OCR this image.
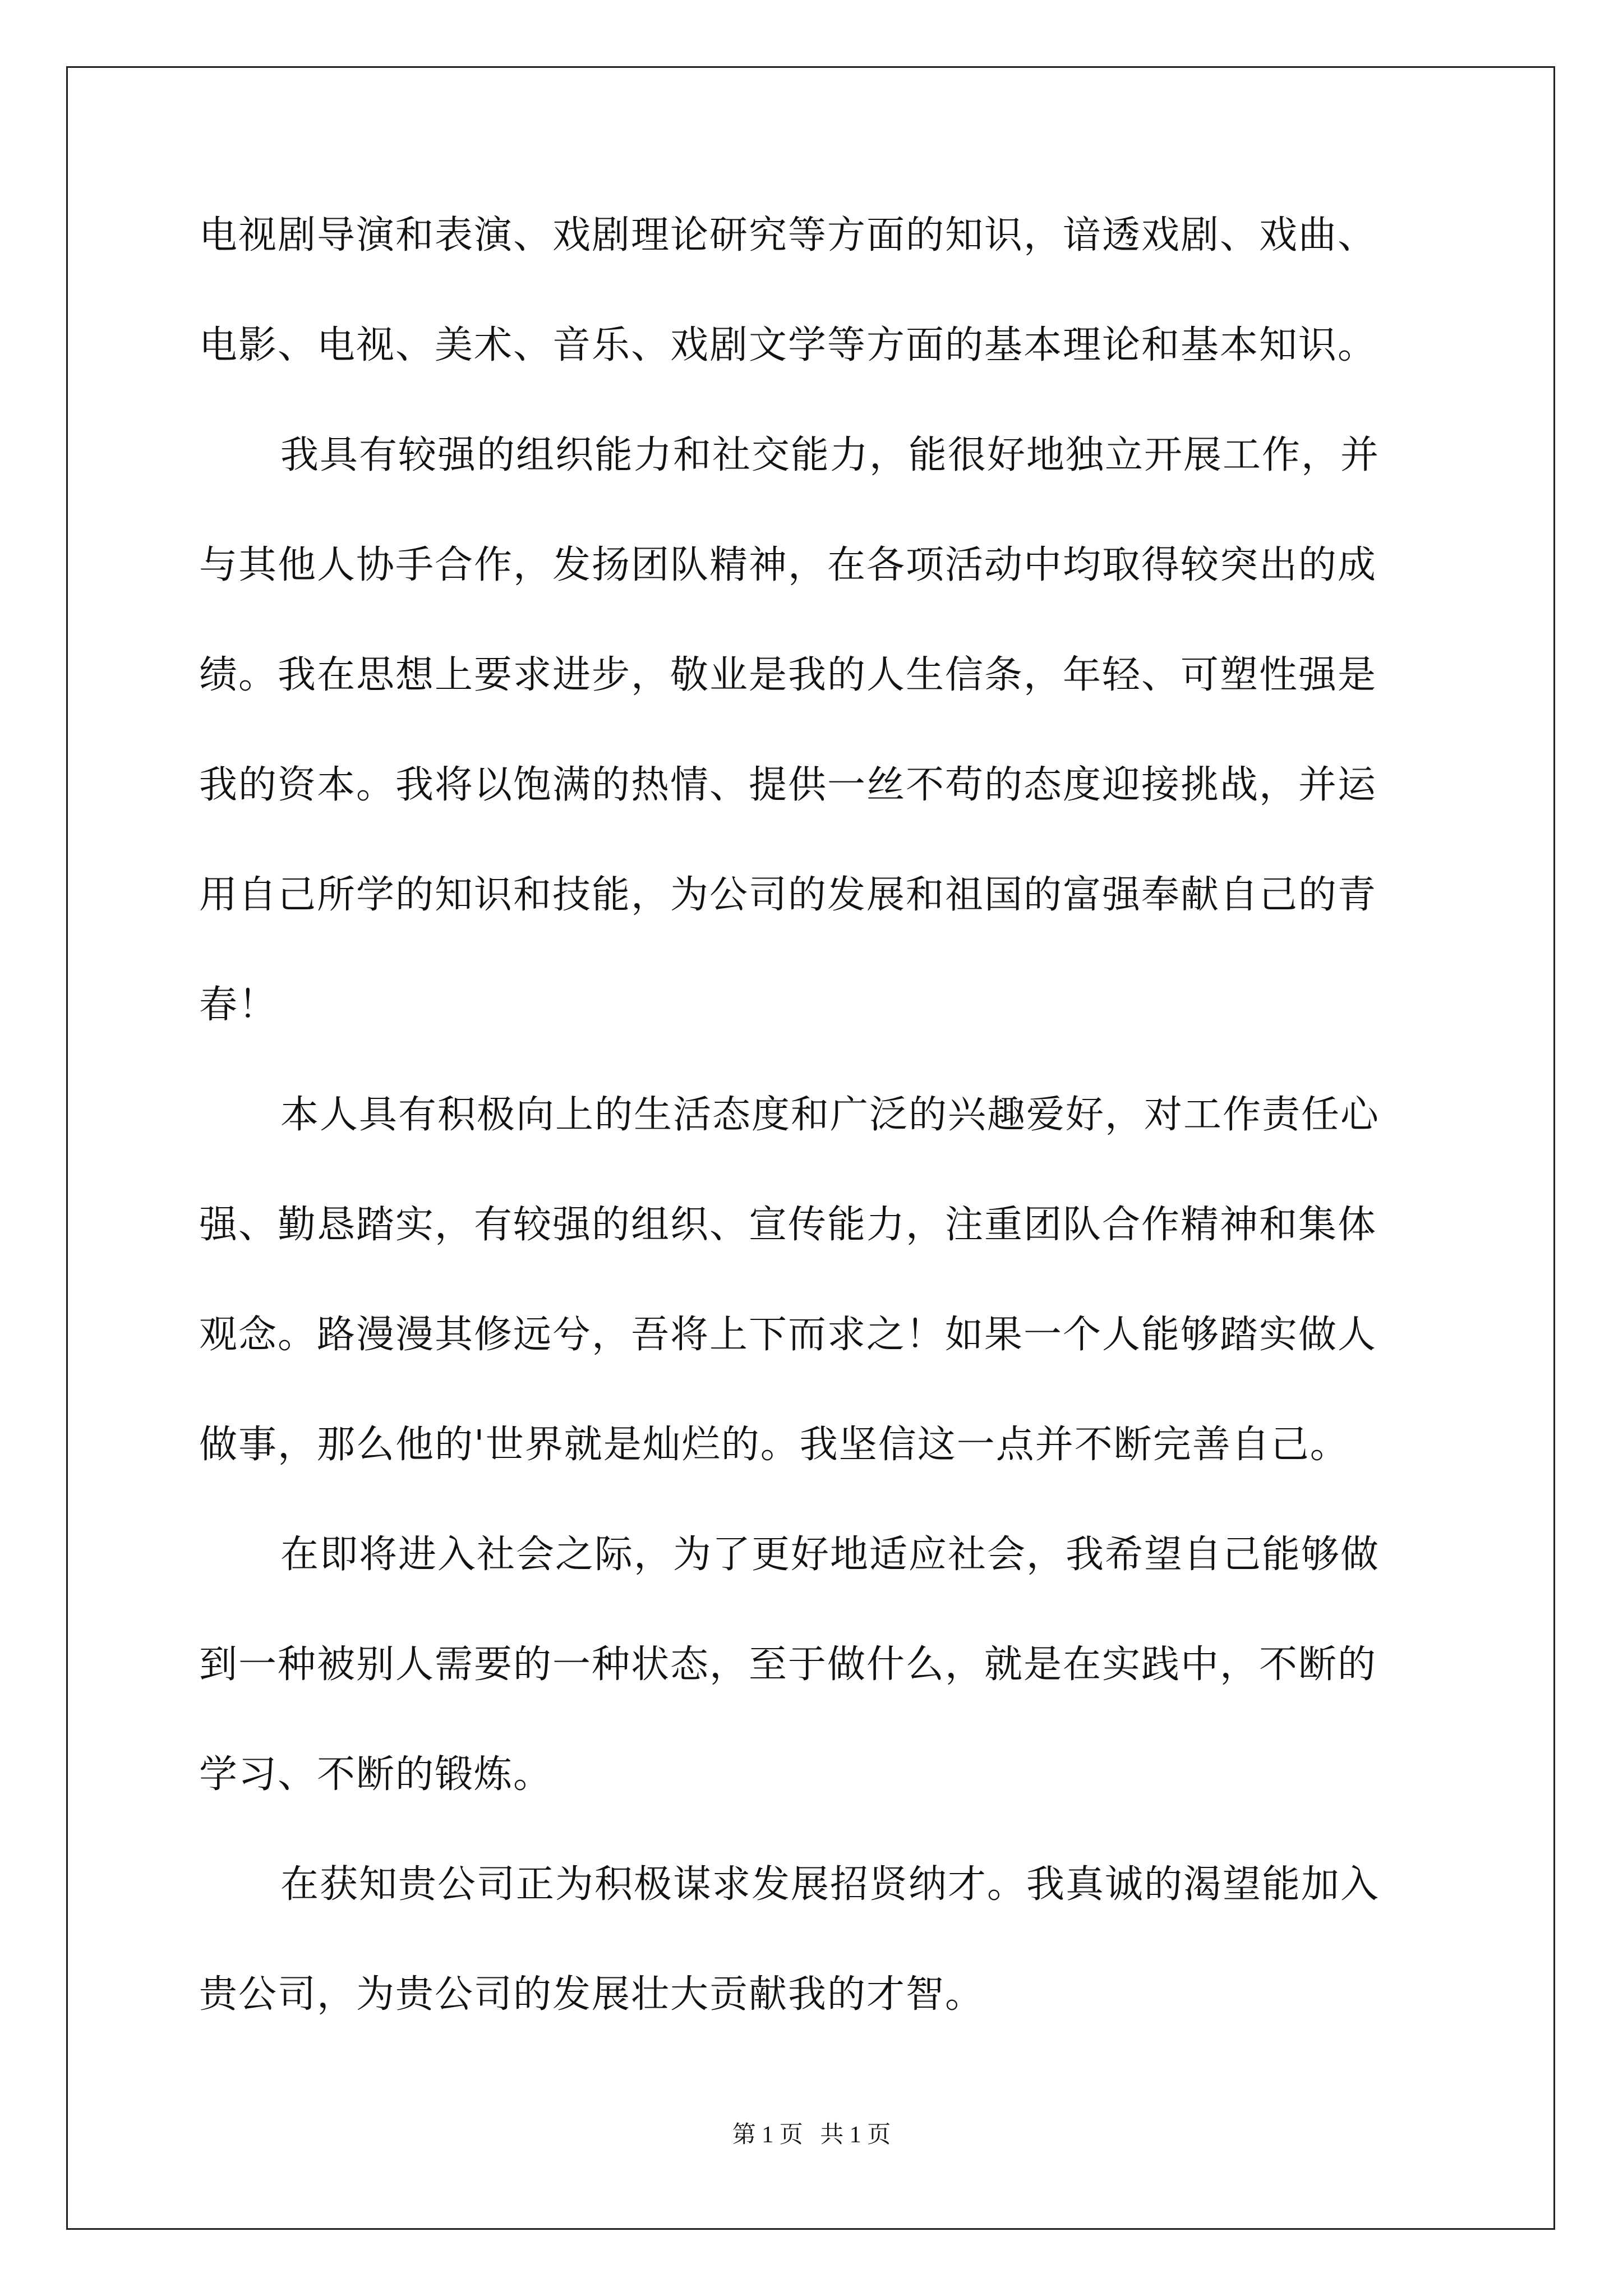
电视剧导演和表演、戏剧理论研究等方面的知识，谙透戏剧、戏曲、
电影、电视、美术、音乐、戏剧文学等方面的基本理论和基本知识。
我具有较强的组织能力和社交能力，能很好地独立开展工作，并
与其他人协手合作，发扬团队精神，在各项活动中均取得较突出的成
绩。我在思想上要求进步，敬业是我的人生信条，年轻、可塑性强是
我的资本。我将以饱满的热情、提供一丝不苟的态度迎接挑战，并运
用自己所学的知识和技能，为公司的发展和祖国的富强奉献自己的青
春！
本人具有积极向上的生活态度和广泛的兴趣爱好，对工作责任心
强、勤恳踏实，有较强的组织、宣传能力，注重团队合作精神和集体
观念。路漫漫其修远兮，吾将上下而求之！如果一个人能够踏实做人
做事，那么他的'世界就是灿烂的。我坚信这一点并不断完善自己。
在即将进入社会之际，为了更好地适应社会，我希望自己能够做
到一种被别人需要的一种状态，至于做什么，就是在实践中，不断的
学习、不断的锻炼。
在获知贵公司正为积极谋求发展招贤纳才。我真诚的渴望能加入
贵公司，为贵公司的发展壮大贡献我的才智。
第 1 页 共 1 页
